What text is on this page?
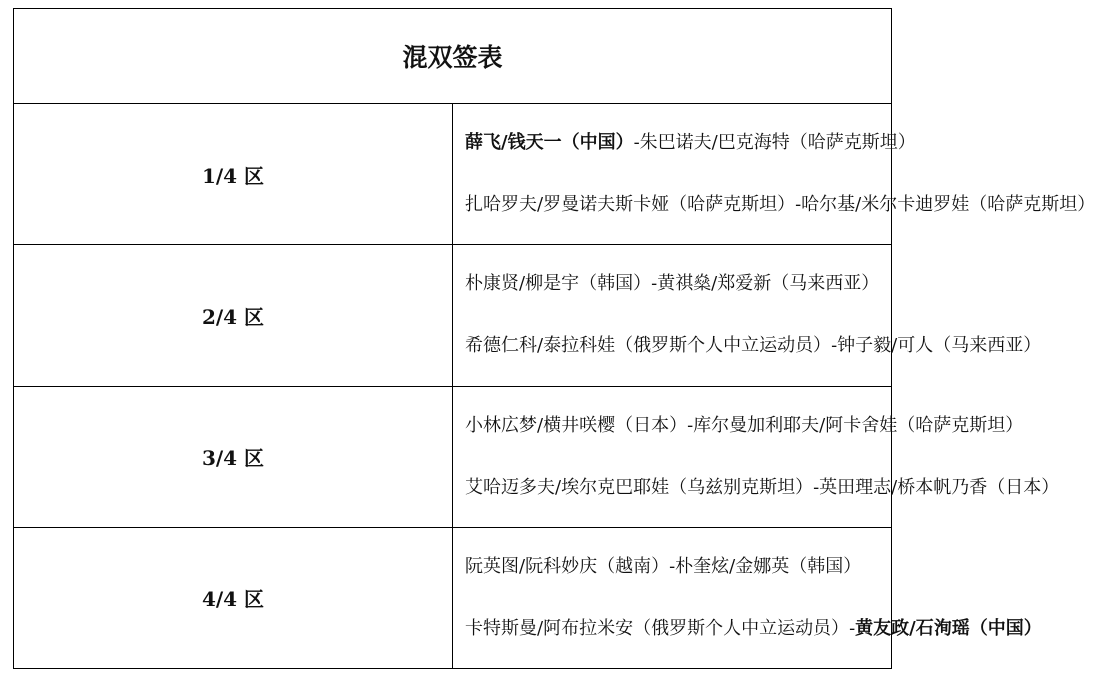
混双签表	
1/4 区	薛飞/钱天一（中国）-朱巴诺夫/巴克海特（哈萨克斯坦）
扎哈罗夫/罗曼诺夫斯卡娅（哈萨克斯坦）-哈尔基/米尔卡迪罗娃（哈萨克斯坦）

2/4 区	朴康贤/柳是宇（韩国）-黄祺燊/郑爱新（马来西亚）
希德仁科/泰拉科娃（俄罗斯个人中立运动员）-钟子毅/可人（马来西亚）

3/4 区	小林広梦/横井咲樱（日本）-库尔曼加利耶夫/阿卡舍娃（哈萨克斯坦）
艾哈迈多夫/埃尔克巴耶娃（乌兹别克斯坦）-英田理志/桥本帆乃香（日本）

4/4 区	阮英图/阮科妙庆（越南）-朴奎炫/金娜英（韩国）
卡特斯曼/阿布拉米安（俄罗斯个人中立运动员）-黄友政/石洵瑶（中国）
